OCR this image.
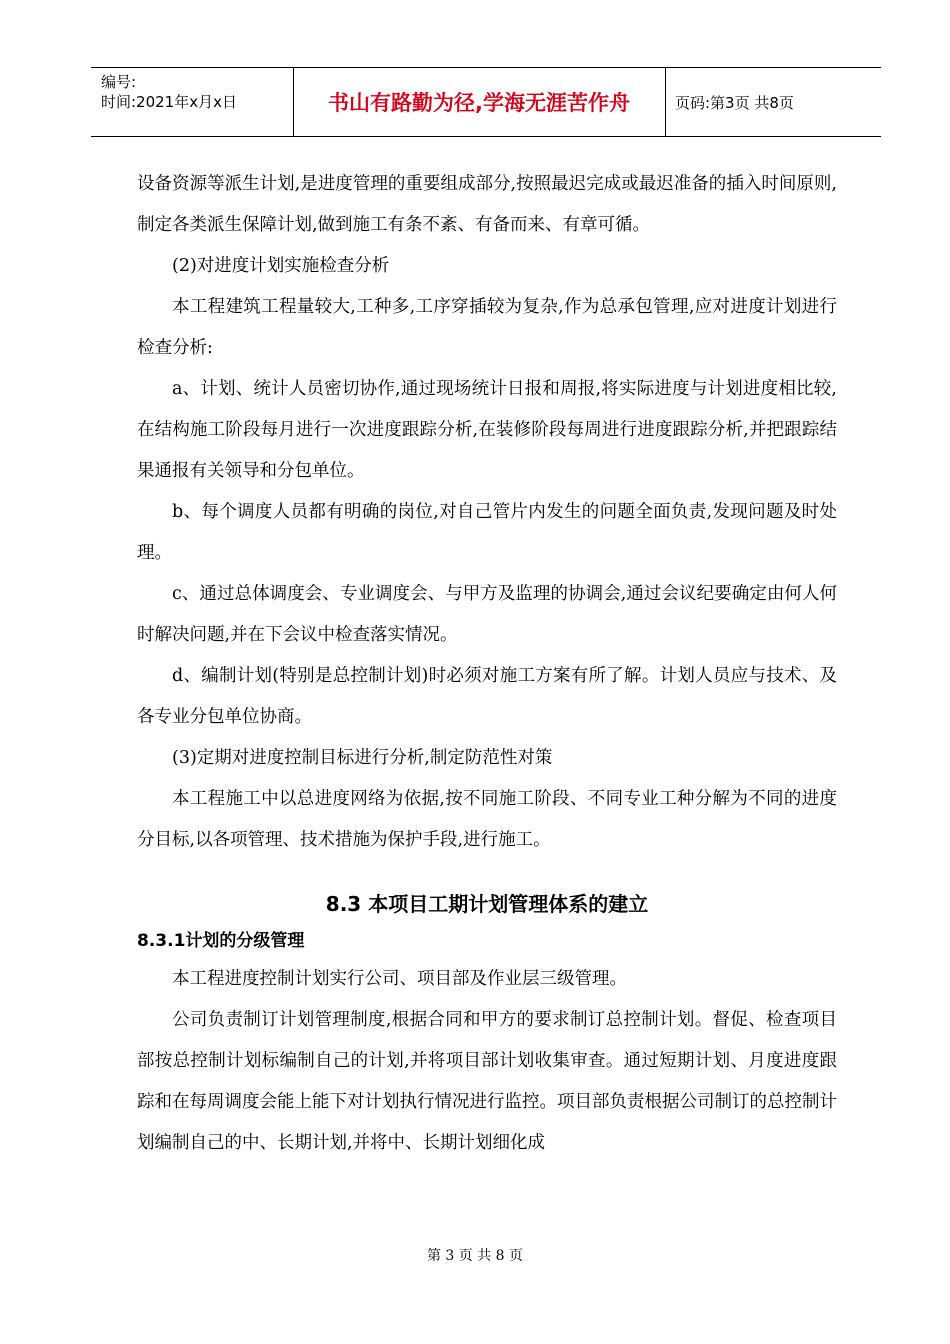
编号:
时间:2021年x月x日	书山有路勤为径,学海无涯苦作舟	页码:第3页 共8页

设备资源等派生计划,是进度管理的重要组成部分,按照最迟完成或最迟准备的插入时间原则,制定各类派生保障计划,做到施工有条不紊、有备而来、有章可循。

(2)对进度计划实施检查分析

本工程建筑工程量较大,工种多,工序穿插较为复杂,作为总承包管理,应对进度计划进行检查分析:

a、计划、统计人员密切协作,通过现场统计日报和周报,将实际进度与计划进度相比较,在结构施工阶段每月进行一次进度跟踪分析,在装修阶段每周进行进度跟踪分析,并把跟踪结果通报有关领导和分包单位。

b、每个调度人员都有明确的岗位,对自己管片内发生的问题全面负责,发现问题及时处理。

c、通过总体调度会、专业调度会、与甲方及监理的协调会,通过会议纪要确定由何人何时解决问题,并在下会议中检查落实情况。

d、编制计划(特别是总控制计划)时必须对施工方案有所了解。计划人员应与技术、及各专业分包单位协商。

(3)定期对进度控制目标进行分析,制定防范性对策

本工程施工中以总进度网络为依据,按不同施工阶段、不同专业工种分解为不同的进度分目标,以各项管理、技术措施为保护手段,进行施工。

8.3 本项目工期计划管理体系的建立
8.3.1计划的分级管理

本工程进度控制计划实行公司、项目部及作业层三级管理。

公司负责制订计划管理制度,根据合同和甲方的要求制订总控制计划。督促、检查项目部按总控制计划标编制自己的计划,并将项目部计划收集审查。通过短期计划、月度进度跟踪和在每周调度会能上能下对计划执行情况进行监控。项目部负责根据公司制订的总控制计划编制自己的中、长期计划,并将中、长期计划细化成

第 3 页 共 8 页
